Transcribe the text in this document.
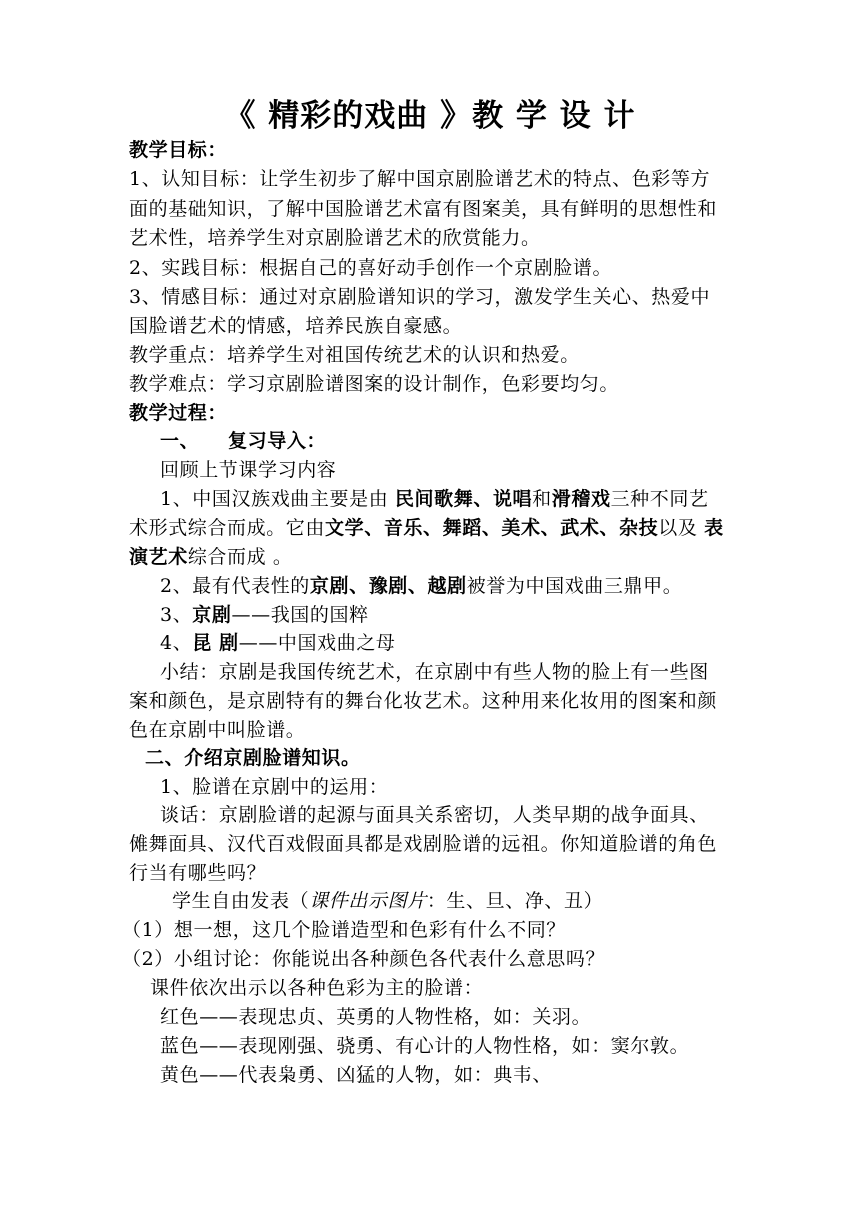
《 精彩的戏曲 》教 学 设 计
教学目标：
1、认知目标：让学生初步了解中国京剧脸谱艺术的特点、色彩等方
面的基础知识，了解中国脸谱艺术富有图案美，具有鲜明的思想性和
艺术性，培养学生对京剧脸谱艺术的欣赏能力。
2、实践目标：根据自己的喜好动手创作一个京剧脸谱。
3、情感目标：通过对京剧脸谱知识的学习，激发学生关心、热爱中
国脸谱艺术的情感，培养民族自豪感。
教学重点：培养学生对祖国传统艺术的认识和热爱。
教学难点：学习京剧脸谱图案的设计制作，色彩要均匀。
教学过程：
一、    复习导入：
回顾上节课学习内容
1、中国汉族戏曲主要是由 民间歌舞、说唱和滑稽戏三种不同艺
术形式综合而成。它由文学、音乐、舞蹈、美术、武术、杂技以及 表
演艺术综合而成 。
2、最有代表性的京剧、豫剧、越剧被誉为中国戏曲三鼎甲。
3、京剧——我国的国粹
4、昆 剧——中国戏曲之母
小结：京剧是我国传统艺术，在京剧中有些人物的脸上有一些图
案和颜色，是京剧特有的舞台化妆艺术。这种用来化妆用的图案和颜
色在京剧中叫脸谱。
二、介绍京剧脸谱知识。
1、脸谱在京剧中的运用：
谈话：京剧脸谱的起源与面具关系密切，人类早期的战争面具、
傩舞面具、汉代百戏假面具都是戏剧脸谱的远祖。你知道脸谱的角色
行当有哪些吗？
学生自由发表（课件出示图片：生、旦、净、丑）
（1）想一想，这几个脸谱造型和色彩有什么不同？
（2）小组讨论：你能说出各种颜色各代表什么意思吗？
课件依次出示以各种色彩为主的脸谱：
红色——表现忠贞、英勇的人物性格，如：关羽。
蓝色——表现刚强、骁勇、有心计的人物性格，如：窦尔敦。
黄色——代表枭勇、凶猛的人物，如：典韦、
